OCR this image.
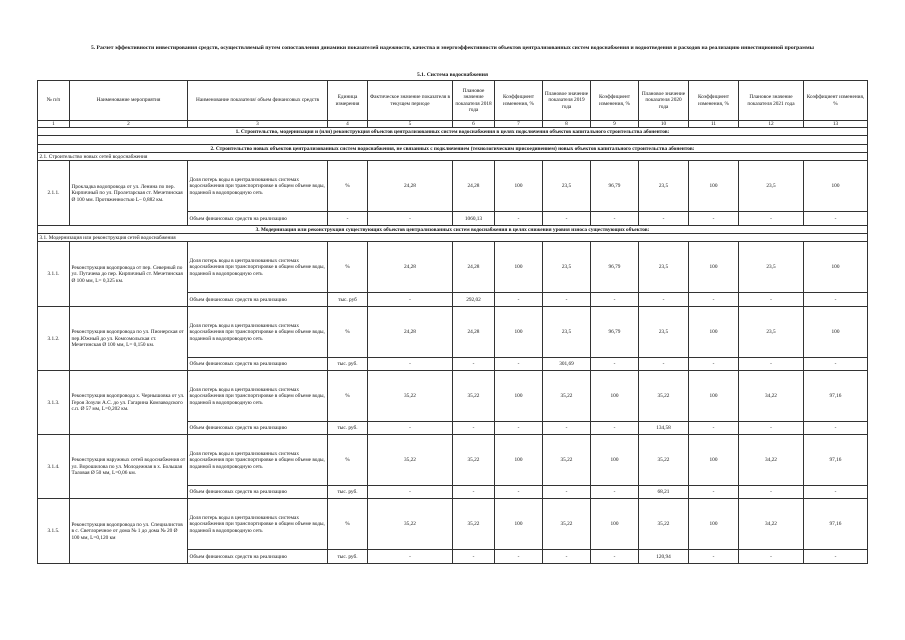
5. Расчет эффективности инвестирования средств, осуществляемый путем сопоставления динамики показателей надежности, качества и энергоэффективности объектов централизованных систем водоснабжения и водоотведения и расходов на реализацию инвестиционной программы
5.1. Система водоснабжения
№ п/п	Наименование мероприятия	Наименование показателя/ объем финансовых средств	Единица измерения	Фактическое значение показателя в текущем периоде	Плановое значение показателя 2018 года	Коэффициент изменения, %	Плановое значение показателя 2019 года	Коэффициент изменения, %	Плановое значение показателя 2020 года	Коэффициент изменения, %	Плановое значение показателя 2021 года	Коэффициент изменения, %
1	2	3	4	5	6	7	8	9	10	11	12	13
1. Строительство, модернизация и (или) реконструкция объектов централизованных систем водоснабжения в целях подключения объектов капитального строительства абонентов:												

2. Строительство новых объектов централизованных систем водоснабжения, не связанных с подключением (технологическим присоединением) новых объектов капитального строительства абонентов:												
2.1. Строительство новых сетей водоснабжения												
2.1.1.	Прокладка водопровода от ул. Ленина по пер. Кирпичный по ул. Пролетарская ст. Мечетинская Ø 100 мм. Протяженностью L– 0,882 км.	Доля потерь воды в централизованных системах водоснабжения при транспортировке в общем объеме воды, поданной в водопроводную сеть	%	24,28	24,28	100	23,5	96,79	23,5	100	23,5	100
		Объем финансовых средств на реализацию	-	-	1060,13	-	-	-	-	-	-	-
3. Модернизация или реконструкция существующих объектов централизованных систем водоснабжения в целях снижения уровня износа существующих объектов:												
3.1. Модернизация или реконструкция сетей водоснабжения												
3.1.1.	Реконструкция водопровода от пер. Северный по ул. Путачева до пер. Кирпичный ст. Мечетинская Ø 100 мм, L= 0,325 км.	Доля потерь воды в централизованных системах водоснабжения при транспортировке в общем объеме воды, поданной в водопроводную сеть	%	24,28	24,28	100	23,5	96,79	23,5	100	23,5	100
		Объем финансовых средств на реализацию	тыс. руб	-	292,02	-	-	-	-	-	-	-
3.1.2.	Реконструкция водопровода по ул. Пионерская от пер.Южный до ул. Комсомольская ст. Мечетинская Ø 100 мм, L= 0,150 км.	Доля потерь воды в централизованных системах водоснабжения при транспортировке в общем объеме воды, поданной в водопроводную сеть	%	24,28	24,28	100	23,5	96,79	23,5	100	23,5	100
		Объем финансовых средств на реализацию	тыс. руб.	-	-	-	301,69	-	-	-	-	-
3.1.3.	Реконструкция водопровода х. Чернышовка от ул. Героя Зозули А.С. до ул. Гагарина Комзаводского с.п. Ø 57 мм, L=0,202 км.	Доля потерь воды в централизованных системах водоснабжения при транспортировке в общем объеме воды, поданной в водопроводную сеть	%	35,22	35,22	100	35,22	100	35,22	100	34,22	97,16
		Объем финансовых средств на реализацию	тыс. руб.	-	-	-	-	-	134,58	-	-	-
3.1.4.	Реконструкция наружных сетей водоснабжения от ул. Ворошилова по ул. Молодежная в х. Большая Таловая Ø 50 мм, L=0,06 км.	Доля потерь воды в централизованных системах водоснабжения при транспортировке в общем объеме воды, поданной в водопроводную сеть	%	35,22	35,22	100	35,22	100	35,22	100	34,22	97,16
		Объем финансовых средств на реализацию	тыс. руб.	-	-	-	-	-	68,21	-	-	-
3.1.5.	Реконструкция водопровода по ул. Специалистов в с. Светлоречное от дома № 1 до дома № 20 Ø 100 мм, L=0,120 км	Доля потерь воды в централизованных системах водоснабжения при транспортировке в общем объеме воды, поданной в водопроводную сеть	%	35,22	35,22	100	35,22	100	35,22	100	34,22	97,16
		Объем финансовых средств на реализацию	тыс. руб.	-	-	-	-	-	120,94	-	-	-
